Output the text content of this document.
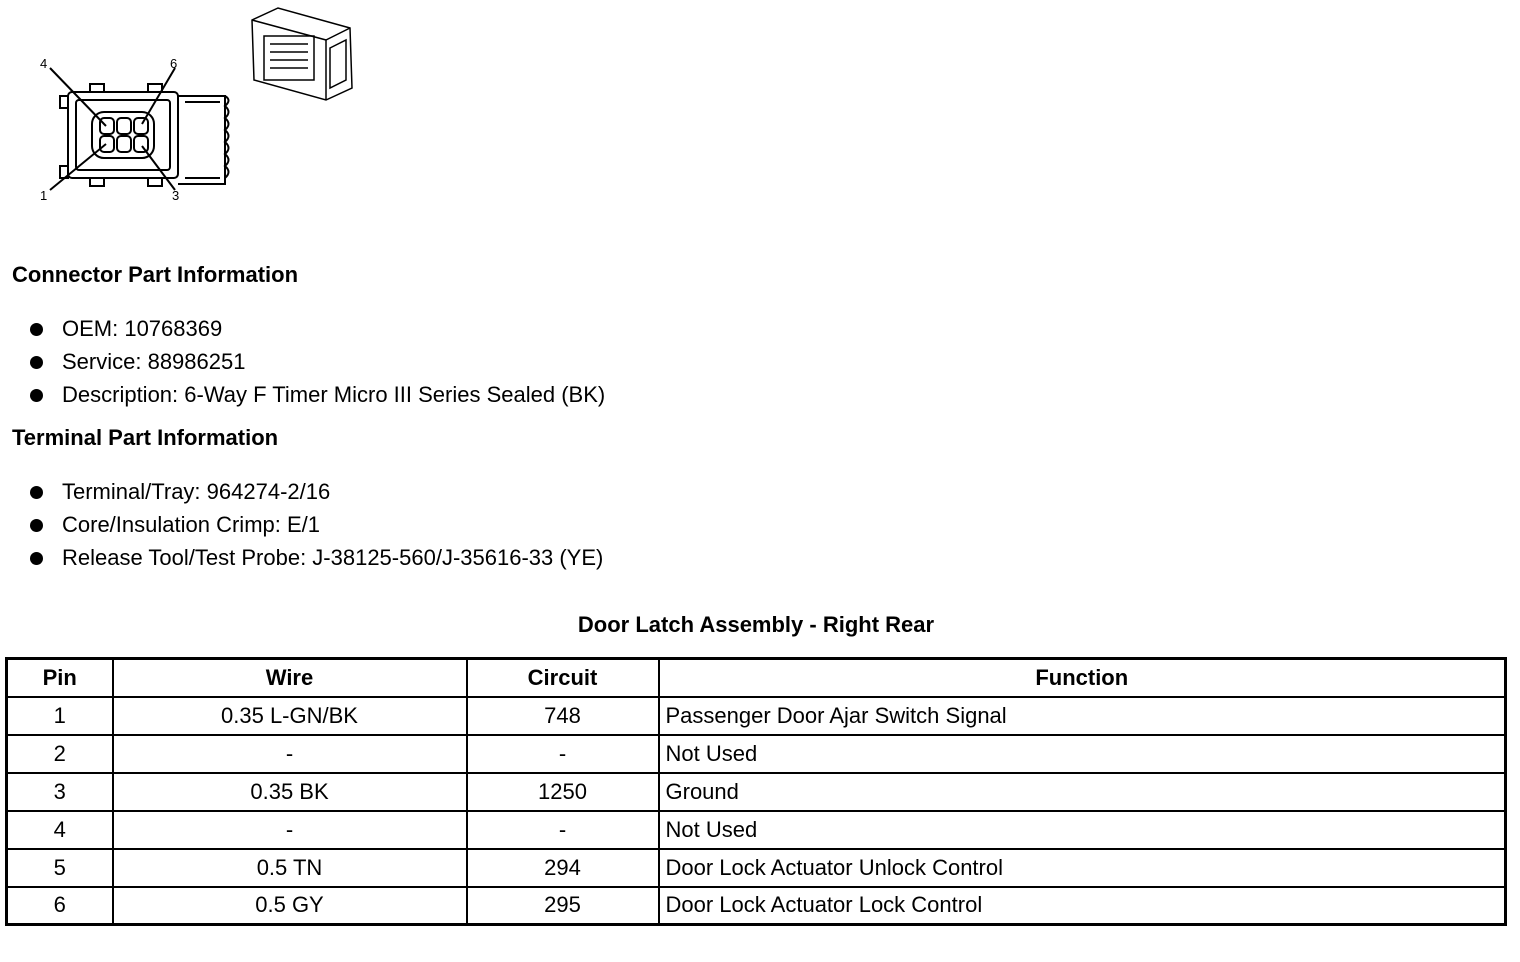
4	6
1	3
Connector Part Information
OEM: 10768369
Service: 88986251
Description: 6-Way F Timer Micro III Series Sealed (BK)
Terminal Part Information
Terminal/Tray: 964274-2/16
Core/Insulation Crimp: E/1
Release Tool/Test Probe: J-38125-560/J-35616-33 (YE)
Door Latch Assembly - Right Rear
Pin	Wire	Circuit	Function
1	0.35 L-GN/BK	748	Passenger Door Ajar Switch Signal
2	-	-	Not Used
3	0.35 BK	1250	Ground
4	-	-	Not Used
5	0.5 TN	294	Door Lock Actuator Unlock Control
6	0.5 GY	295	Door Lock Actuator Lock Control
